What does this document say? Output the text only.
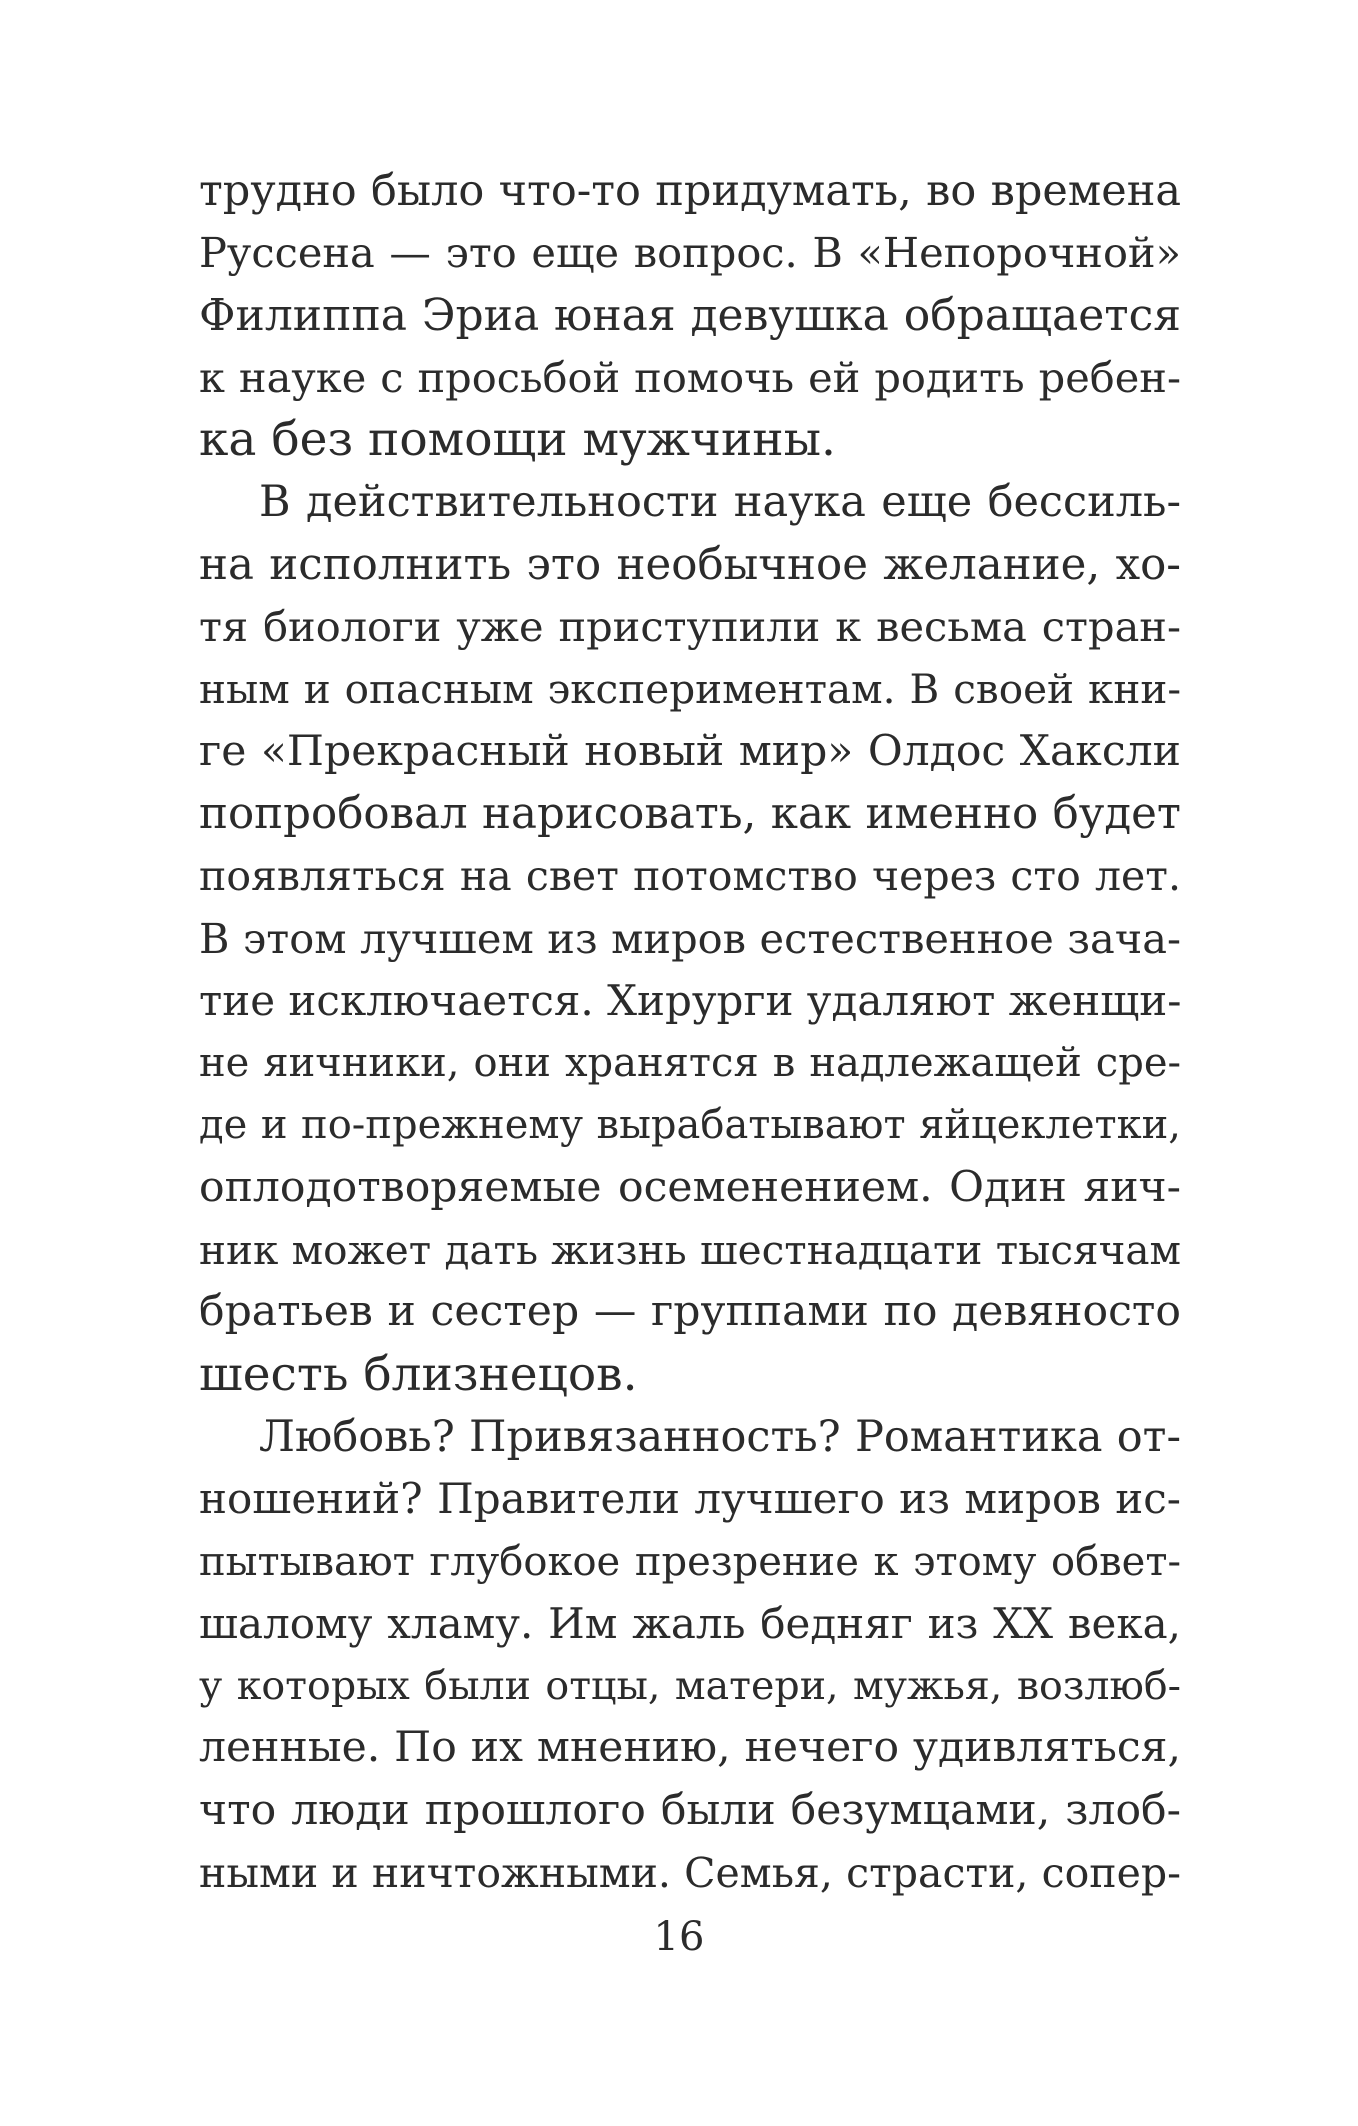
трудно было что-то придумать, во времена
Руссена — это еще вопрос. В «Непорочной»
Филиппа Эриа юная девушка обращается
к науке с просьбой помочь ей родить ребен-
ка без помощи мужчины.
В действительности наука еще бессиль-
на исполнить это необычное желание, хо-
тя биологи уже приступили к весьма стран-
ным и опасным экспериментам. В своей кни-
ге «Прекрасный новый мир» Олдос Хаксли
попробовал нарисовать, как именно будет
появляться на свет потомство через сто лет.
В этом лучшем из миров естественное зача-
тие исключается. Хирурги удаляют женщи-
не яичники, они хранятся в надлежащей сре-
де и по-прежнему вырабатывают яйцеклетки,
оплодотворяемые осеменением. Один яич-
ник может дать жизнь шестнадцати тысячам
братьев и сестер — группами по девяносто
шесть близнецов.
Любовь? Привязанность? Романтика от-
ношений? Правители лучшего из миров ис-
пытывают глубокое презрение к этому обвет-
шалому хламу. Им жаль бедняг из XX века,
у которых были отцы, матери, мужья, возлюб-
ленные. По их мнению, нечего удивляться,
что люди прошлого были безумцами, злоб-
ными и ничтожными. Семья, страсти, сопер-
16
